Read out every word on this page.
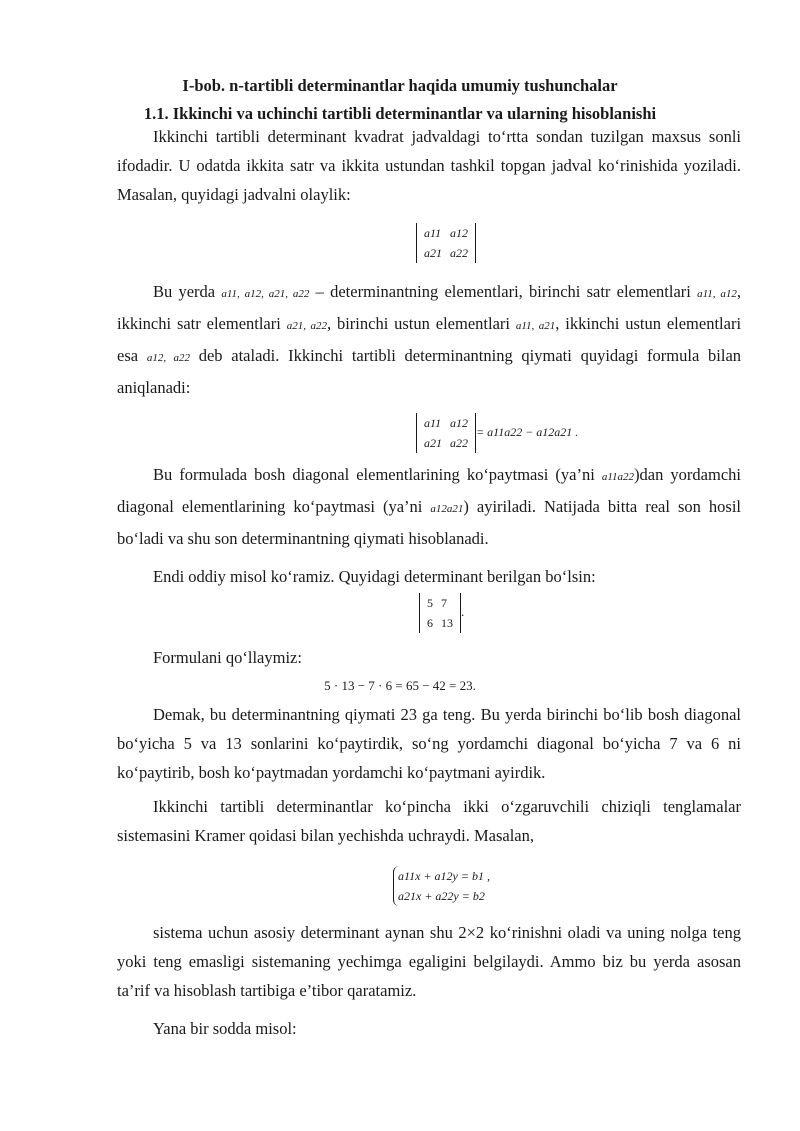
I-bob. n-tartibli determinantlar haqida umumiy tushunchalar
1.1. Ikkinchi va uchinchi tartibli determinantlar va ularning hisoblanishi

Ikkinchi tartibli determinant kvadrat jadvaldagi to‘rtta sondan tuzilgan maxsus sonli ifodadir. U odatda ikkita satr va ikkita ustundan tashkil topgan jadval ko‘rinishida yoziladi. Masalan, quyidagi jadvalni olaylik:

a11	a12
a21	a22

Bu yerda a11, a12, a21, a22 – determinantning elementlari, birinchi satr elementlari a11, a12, ikkinchi satr elementlari a21, a22, birinchi ustun elementlari a11, a21, ikkinchi ustun elementlari esa a12, a22 deb ataladi. Ikkinchi tartibli determinantning qiymati quyidagi formula bilan aniqlanadi:

a11	a12
a21	a22
= a11a22 − a12a21 .

Bu formulada bosh diagonal elementlarining ko‘paytmasi (ya’ni a11a22)dan yordamchi diagonal elementlarining ko‘paytmasi (ya’ni a12a21) ayiriladi. Natijada bitta real son hosil bo‘ladi va shu son determinantning qiymati hisoblanadi.

Endi oddiy misol ko‘ramiz. Quyidagi determinant berilgan bo‘lsin:

5	7
6	13
.

Formulani qo‘llaymiz:

5 · 13 − 7 · 6 = 65 − 42 = 23.

Demak, bu determinantning qiymati 23 ga teng. Bu yerda birinchi bo‘lib bosh diagonal bo‘yicha 5 va 13 sonlarini ko‘paytirdik, so‘ng yordamchi diagonal bo‘yicha 7 va 6 ni ko‘paytirib, bosh ko‘paytmadan yordamchi ko‘paytmani ayirdik.

Ikkinchi tartibli determinantlar ko‘pincha ikki o‘zgaruvchili chiziqli tenglamalar sistemasini Kramer qoidasi bilan yechishda uchraydi. Masalan,

a11x + a12y = b1 ,
a21x + a22y = b2

sistema uchun asosiy determinant aynan shu 2×2 ko‘rinishni oladi va uning nolga teng yoki teng emasligi sistemaning yechimga egaligini belgilaydi. Ammo biz bu yerda asosan ta’rif va hisoblash tartibiga e’tibor qaratamiz.

Yana bir sodda misol:
